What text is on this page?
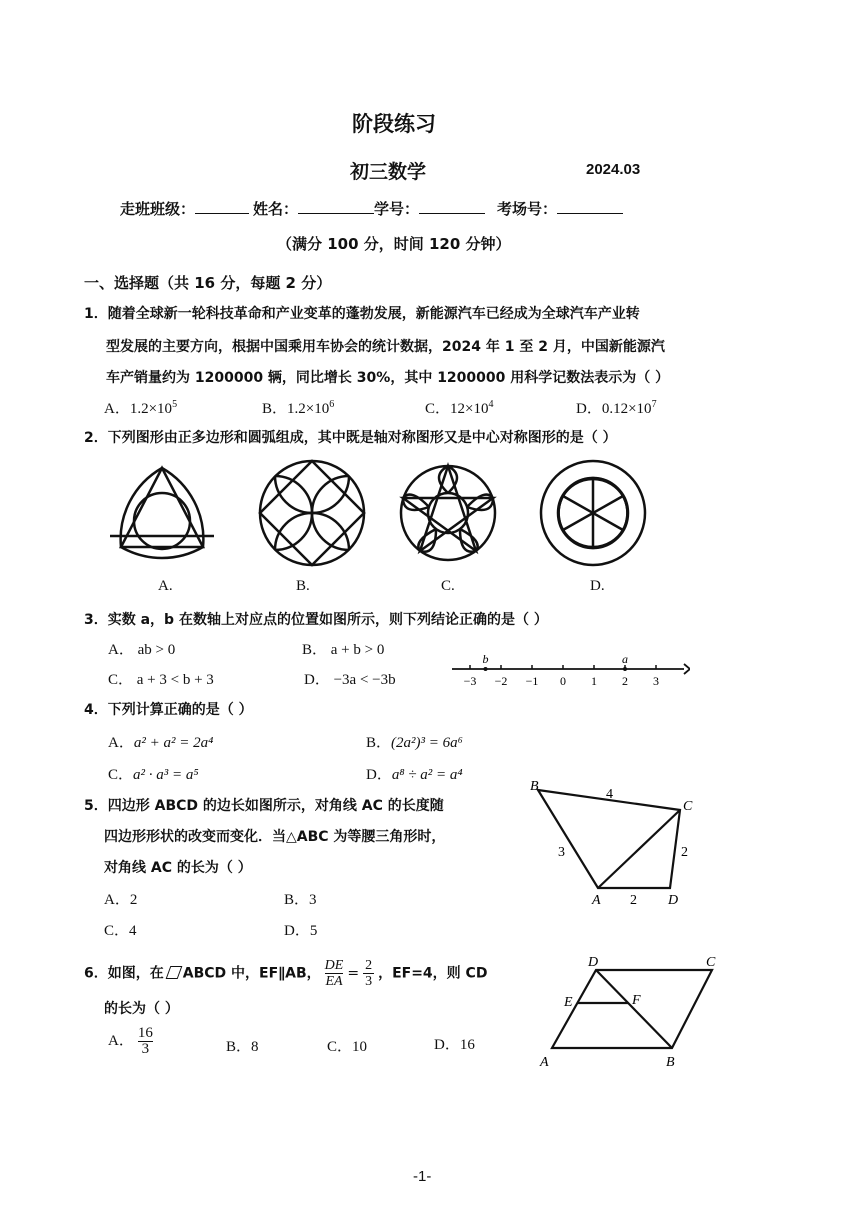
阶段练习
初三数学	2024.03
走班班级：	姓名：	学号：	考场号：
（满分 100 分，时间 120 分钟）
一、选择题（共 16 分，每题 2 分）
1．随着全球新一轮科技革命和产业变革的蓬勃发展，新能源汽车已经成为全球汽车产业转
型发展的主要方向，根据中国乘用车协会的统计数据，2024 年 1 至 2 月，中国新能源汽
车产销量约为 1200000 辆，同比增长 30%，其中 1200000 用科学记数法表示为（ ）
A．$1.2\times 10^5$	B．$1.2\times 10^6$	C．$12\times 10^4$	D．$0.12\times 10^7$
2．下列图形由正多边形和圆弧组成，其中既是轴对称图形又是中心对称图形的是（ ）
A.	B.	C.	D.
3．实数 a，b 在数轴上对应点的位置如图所示，则下列结论正确的是（ ）
A． ab > 0	B． a + b > 0
C． a + 3 < b + 3	D． −3a < −3b	−3 −2 −1 0 1 2 3
b	a
4．下列计算正确的是（ ）
A．a² + a² = 2a⁴	B．(2a²)³ = 6a⁶
C．a² · a³ = a⁵	D．a⁸ ÷ a² = a⁴
5．四边形 ABCD 的边长如图所示，对角线 AC 的长度随
四边形形状的改变而变化．当△ABC 为等腰三角形时，
对角线 AC 的长为（ ）
A．2	B．3
C．4	D．5
B
C
D
A
4
3	2
2
6．如图，在 ABCD 中，EF∥AB， $\frac{DE}{EA} = \frac{2}{3}$ ，EF=4，则 CD
的长为（ ）
A． $\frac{16}{3}$	B．8	C．10	D．16
D	C
A	B
E	F
-1-
